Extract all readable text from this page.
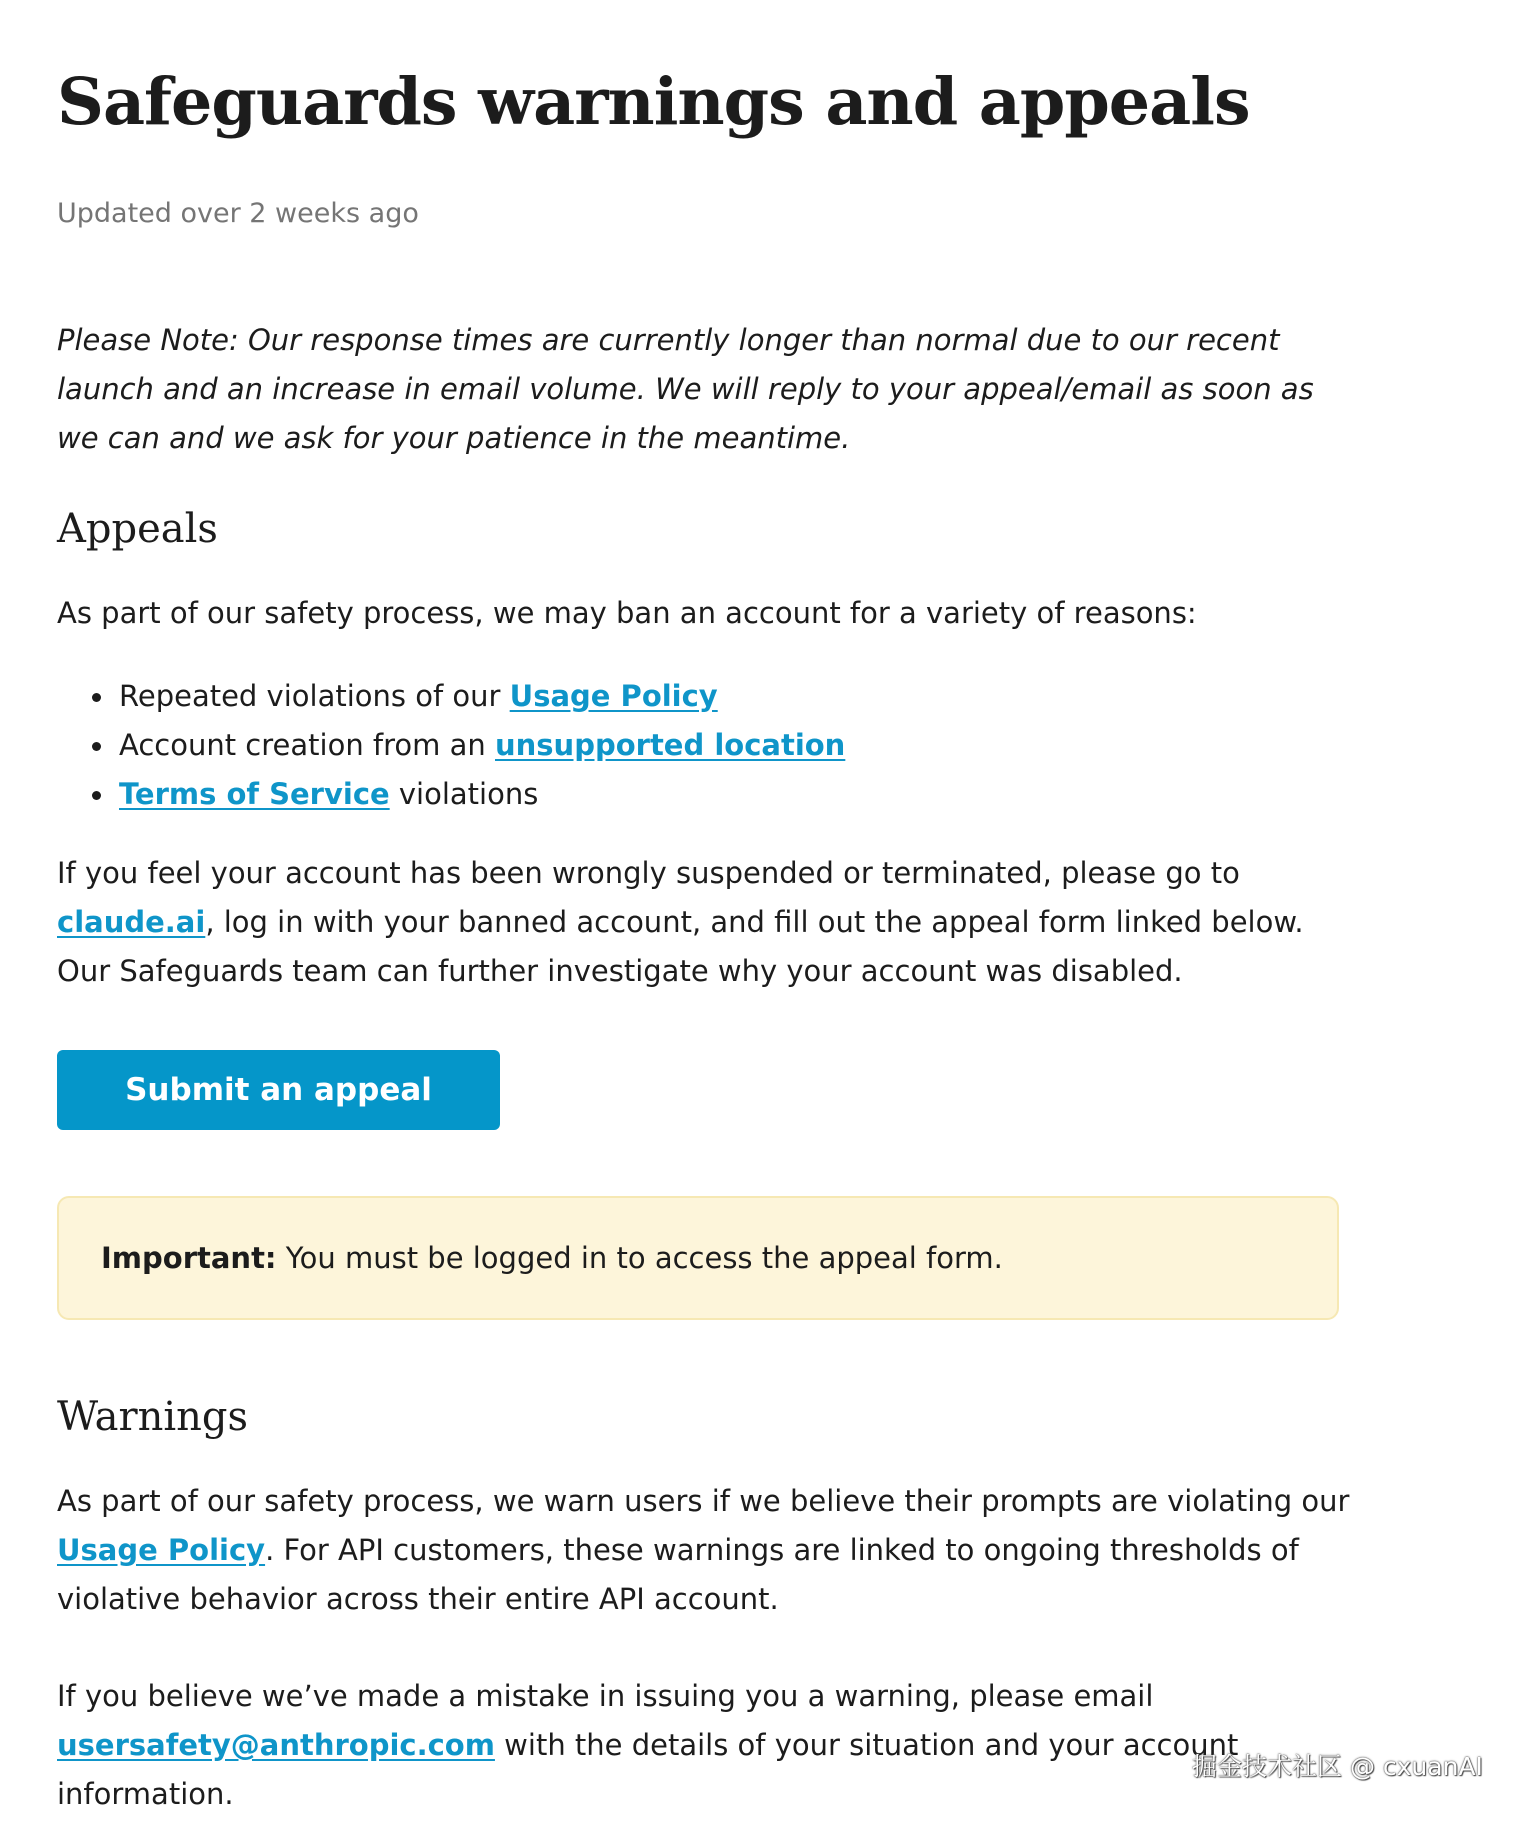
Safeguards warnings and appeals
Updated over 2 weeks ago

Please Note: Our response times are currently longer than normal due to our recent launch and an increase in email volume. We will reply to your appeal/email as soon as we can and we ask for your patience in the meantime.

Appeals

As part of our safety process, we may ban an account for a variety of reasons:

Repeated violations of our Usage Policy
Account creation from an unsupported location
Terms of Service violations

If you feel your account has been wrongly suspended or terminated, please go to claude.ai, log in with your banned account, and fill out the appeal form linked below. Our Safeguards team can further investigate why your account was disabled.

Submit an appeal
Important: You must be logged in to access the appeal form.
Warnings

As part of our safety process, we warn users if we believe their prompts are violating our Usage Policy. For API customers, these warnings are linked to ongoing thresholds of violative behavior across their entire API account.

If you believe we’ve made a mistake in issuing you a warning, please email usersafety@anthropic.com with the details of your situation and your account information.

掘金技术社区 @ cxuanAI
